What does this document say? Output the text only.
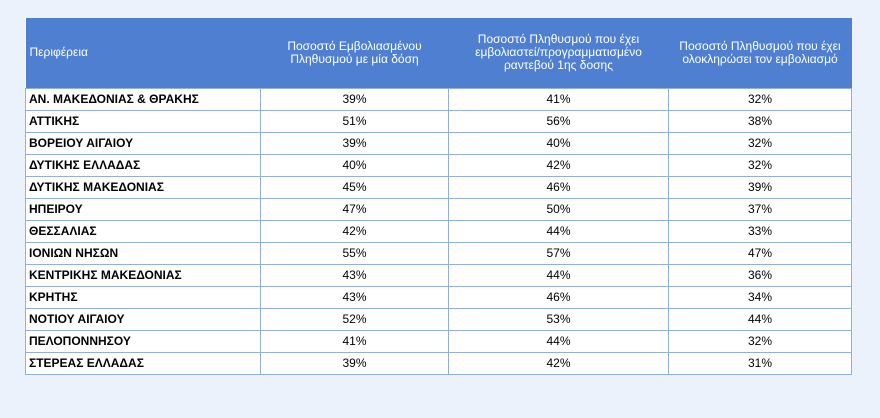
Περιφέρεια	Ποσοστό Εμβολιασμένου Πληθυσμού με μία δόση	Ποσοστό Πληθυσμού που έχει εμβολιαστεί/προγραμματισμένο ραντεβού 1ης δοσης	Ποσοστό Πληθυσμού που έχει ολοκληρώσει τον εμβολιασμό
ΑΝ. ΜΑΚΕΔΟΝΙΑΣ & ΘΡΑΚΗΣ	39%	41%	32%
ΑΤΤΙΚΗΣ	51%	56%	38%
ΒΟΡΕΙΟΥ ΑΙΓΑΙΟΥ	39%	40%	32%
ΔΥΤΙΚΗΣ ΕΛΛΑΔΑΣ	40%	42%	32%
ΔΥΤΙΚΗΣ ΜΑΚΕΔΟΝΙΑΣ	45%	46%	39%
ΗΠΕΙΡΟΥ	47%	50%	37%
ΘΕΣΣΑΛΙΑΣ	42%	44%	33%
ΙΟΝΙΩΝ ΝΗΣΩΝ	55%	57%	47%
ΚΕΝΤΡΙΚΗΣ ΜΑΚΕΔΟΝΙΑΣ	43%	44%	36%
ΚΡΗΤΗΣ	43%	46%	34%
ΝΟΤΙΟΥ ΑΙΓΑΙΟΥ	52%	53%	44%
ΠΕΛΟΠΟΝΝΗΣΟΥ	41%	44%	32%
ΣΤΕΡΕΑΣ ΕΛΛΑΔΑΣ	39%	42%	31%
